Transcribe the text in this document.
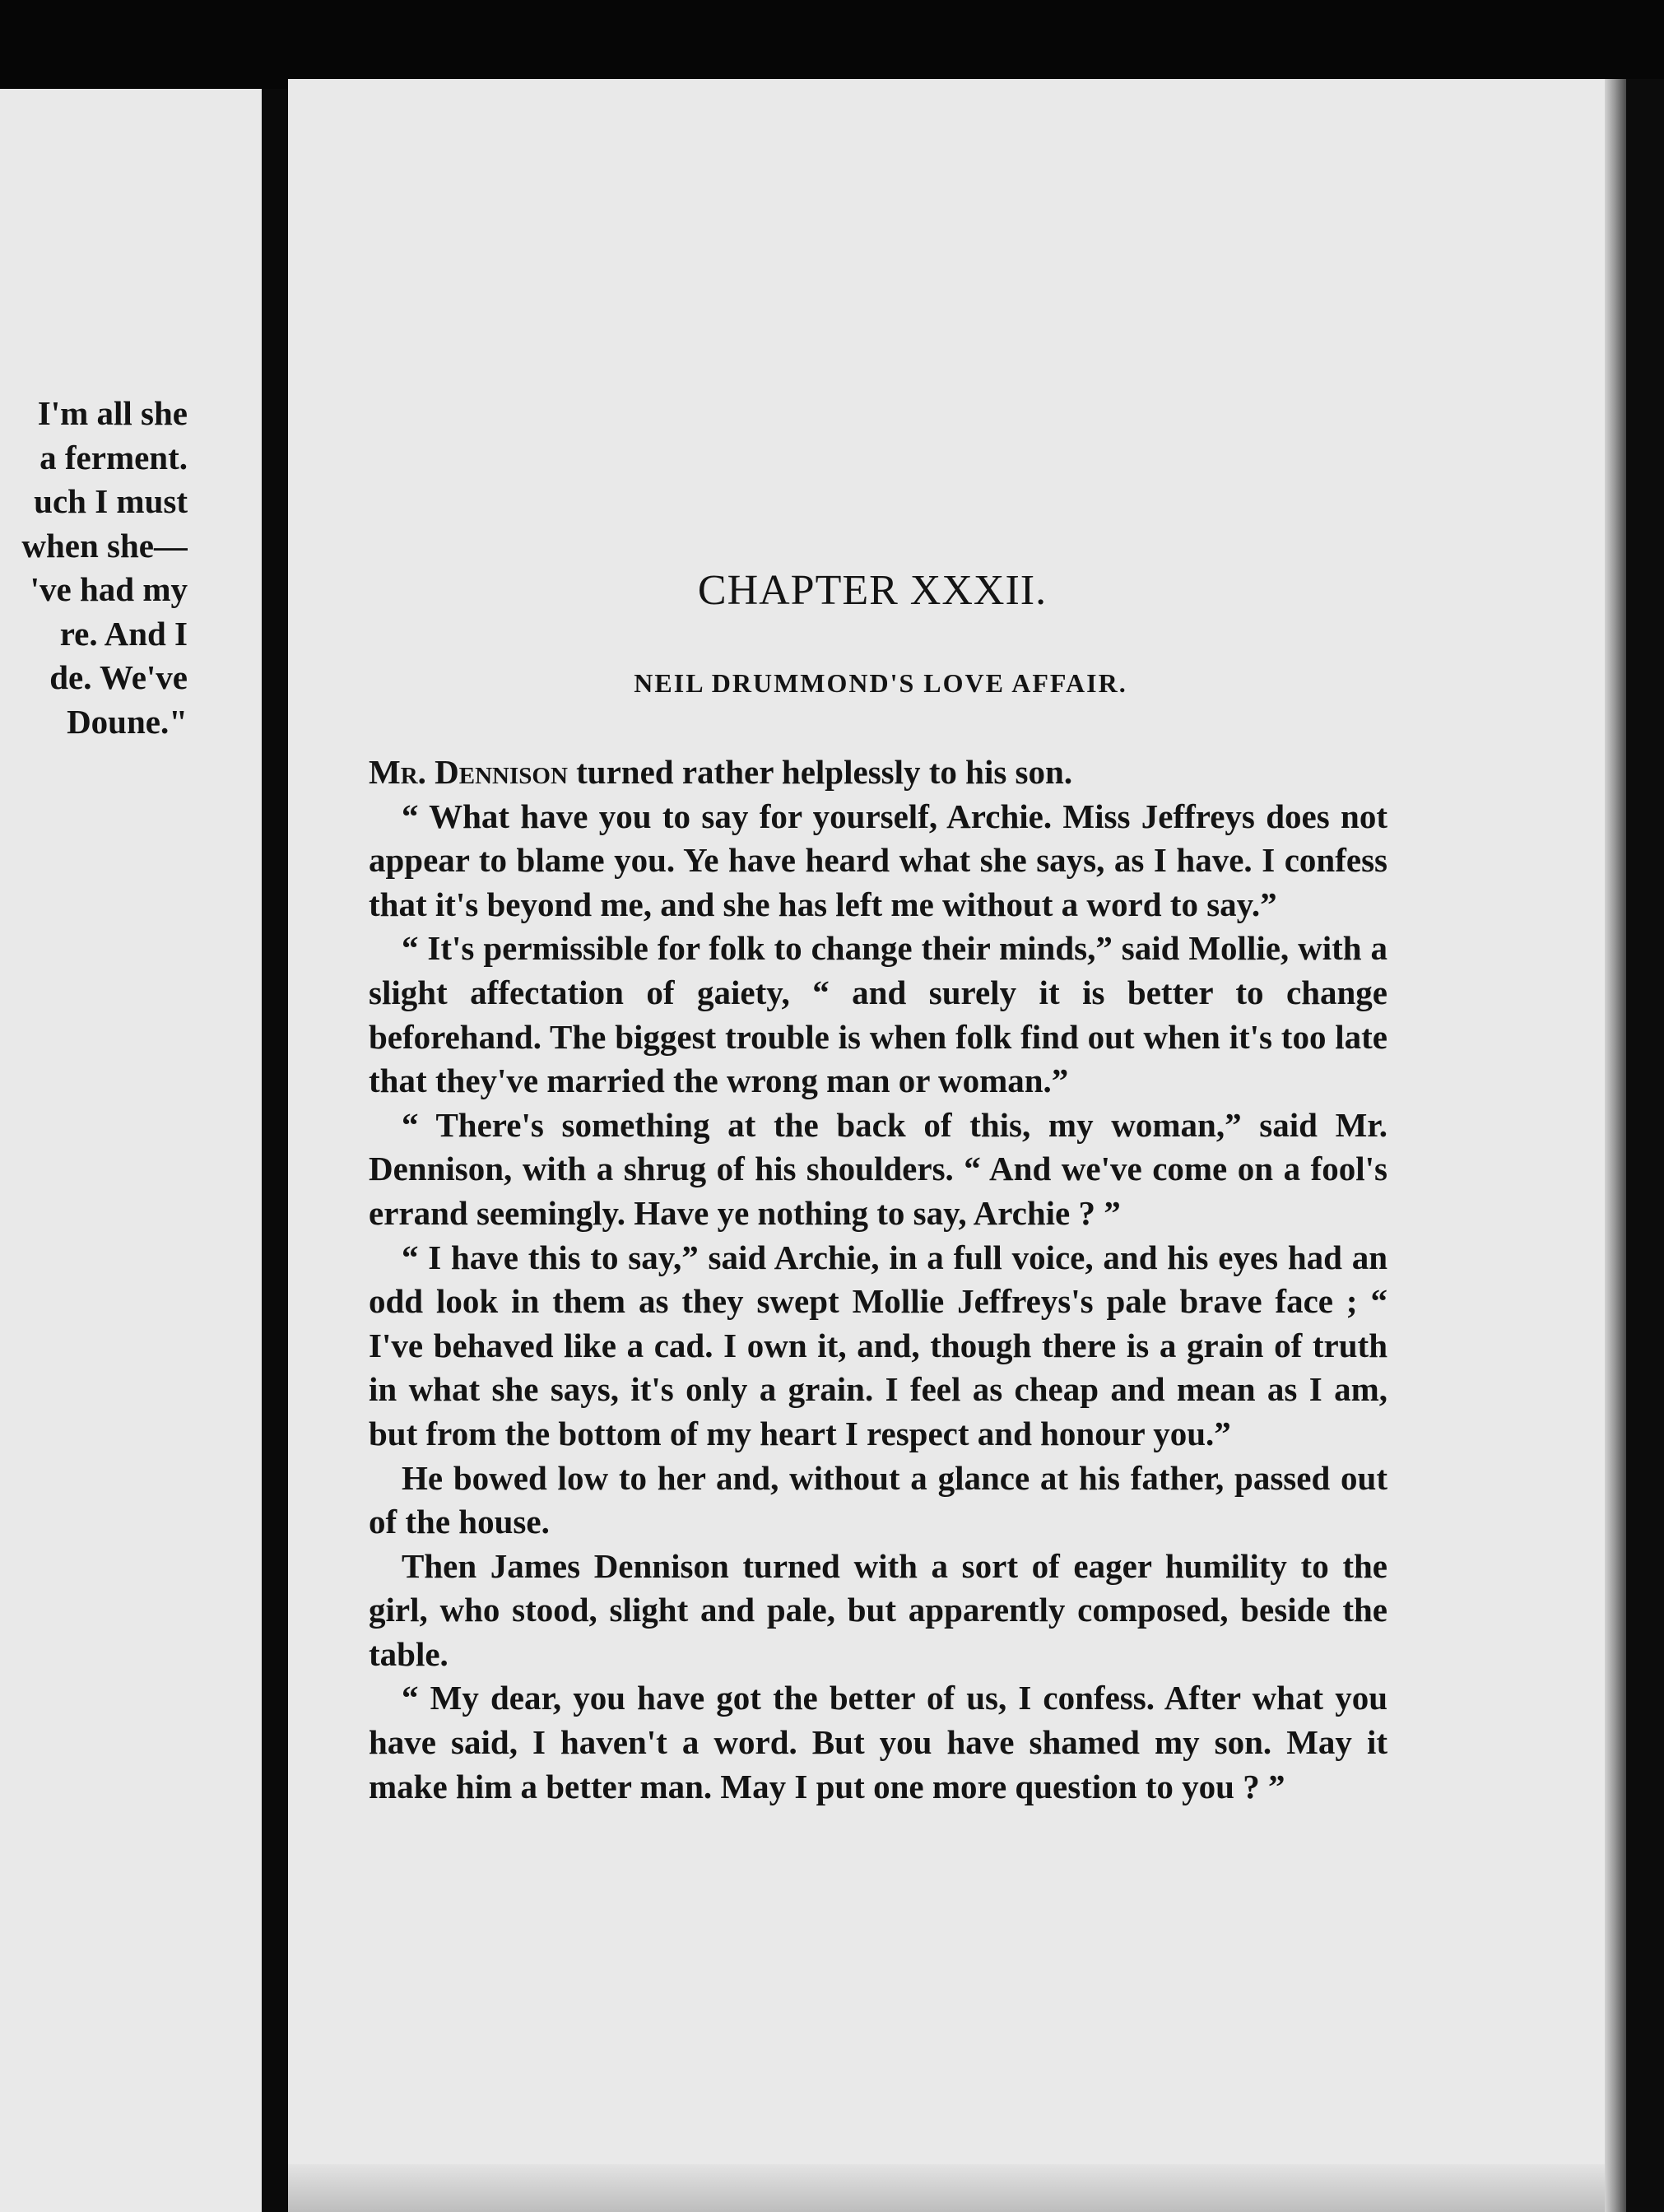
I'm all she
a ferment.
uch I must
when she—
've had my
re. And I
de. We've
Doune."
CHAPTER XXXII.
NEIL DRUMMOND'S LOVE AFFAIR.

Mr. Dennison turned rather helplessly to his son.

“ What have you to say for yourself, Archie. Miss Jeffreys does not appear to blame you. Ye have heard what she says, as I have. I confess that it's beyond me, and she has left me without a word to say.”

“ It's permissible for folk to change their minds,” said Mollie, with a slight affectation of gaiety, “ and surely it is better to change beforehand. The biggest trouble is when folk find out when it's too late that they've married the wrong man or woman.”

“ There's something at the back of this, my woman,” said Mr. Dennison, with a shrug of his shoulders. “ And we've come on a fool's errand seemingly. Have ye nothing to say, Archie ? ”

“ I have this to say,” said Archie, in a full voice, and his eyes had an odd look in them as they swept Mollie Jeffreys's pale brave face ; “ I've behaved like a cad. I own it, and, though there is a grain of truth in what she says, it's only a grain. I feel as cheap and mean as I am, but from the bottom of my heart I respect and honour you.”

He bowed low to her and, without a glance at his father, passed out of the house.

Then James Dennison turned with a sort of eager humility to the girl, who stood, slight and pale, but apparently composed, beside the table.

“ My dear, you have got the better of us, I confess. After what you have said, I haven't a word. But you have shamed my son. May it make him a better man. May I put one more question to you ? ”
